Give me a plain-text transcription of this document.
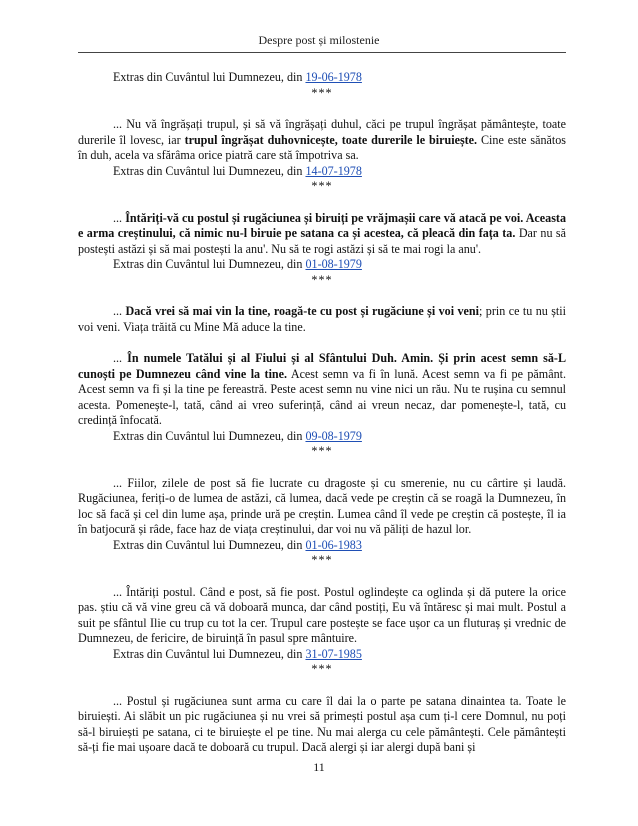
Despre post și milostenie

Extras din Cuvântul lui Dumnezeu, din 19-06-1978

***

... Nu vă îngrășați trupul, și să vă îngrășați duhul, căci pe trupul îngrășat pământește, toate durerile îl lovesc, iar trupul îngrășat duhovnicește, toate durerile le biruiește. Cine este sănătos în duh, acela va sfărâma orice piatră care stă împotriva sa.

Extras din Cuvântul lui Dumnezeu, din 14-07-1978

***

... Întăriți-vă cu postul și rugăciunea și biruiți pe vrăjmașii care vă atacă pe voi. Aceasta e arma creștinului, că nimic nu-l biruie pe satana ca și acestea, că pleacă din fața ta. Dar nu să postești astăzi și să mai postești la anu'. Nu să te rogi astăzi și să te mai rogi la anu'.

Extras din Cuvântul lui Dumnezeu, din 01-08-1979

***

... Dacă vrei să mai vin la tine, roagă-te cu post și rugăciune și voi veni; prin ce tu nu știi voi veni. Viața trăită cu Mine Mă aduce la tine.

... În numele Tatălui și al Fiului și al Sfântului Duh. Amin. Și prin acest semn să-L cunoști pe Dumnezeu când vine la tine. Acest semn va fi în lună. Acest semn va fi pe pământ. Acest semn va fi și la tine pe fereastră. Peste acest semn nu vine nici un rău. Nu te rușina cu semnul acesta. Pomenește-l, tată, când ai vreo suferință, când ai vreun necaz, dar pomenește-l, tată, cu credință înfocată.

Extras din Cuvântul lui Dumnezeu, din 09-08-1979

***

... Fiilor, zilele de post să fie lucrate cu dragoste și cu smerenie, nu cu cârtire și laudă. Rugăciunea, feriți-o de lumea de astăzi, că lumea, dacă vede pe creștin că se roagă la Dumnezeu, în loc să facă și cel din lume așa, prinde ură pe creștin. Lumea când îl vede pe creștin că postește, îl ia în batjocură și râde, face haz de viața creștinului, dar voi nu vă păliți de hazul lor.

Extras din Cuvântul lui Dumnezeu, din 01-06-1983

***

... Întăriți postul. Când e post, să fie post. Postul oglindește ca oglinda și dă putere la orice pas. știu că vă vine greu că vă doboară munca, dar când postiți, Eu vă întăresc și mai mult. Postul a suit pe sfântul Ilie cu trup cu tot la cer. Trupul care postește se face ușor ca un fluturaș și vrednic de Dumnezeu, de fericire, de biruință în pasul spre mântuire.

Extras din Cuvântul lui Dumnezeu, din 31-07-1985

***

... Postul și rugăciunea sunt arma cu care îl dai la o parte pe satana dinaintea ta. Toate le biruiești. Ai slăbit un pic rugăciunea și nu vrei să primești postul așa cum ți-l cere Domnul, nu poți să-l biruiești pe satana, ci te biruiește el pe tine. Nu mai alerga cu cele pământești. Cele pământești să-ți fie mai ușoare dacă te doboară cu trupul. Dacă alergi și iar alergi după bani și

11
